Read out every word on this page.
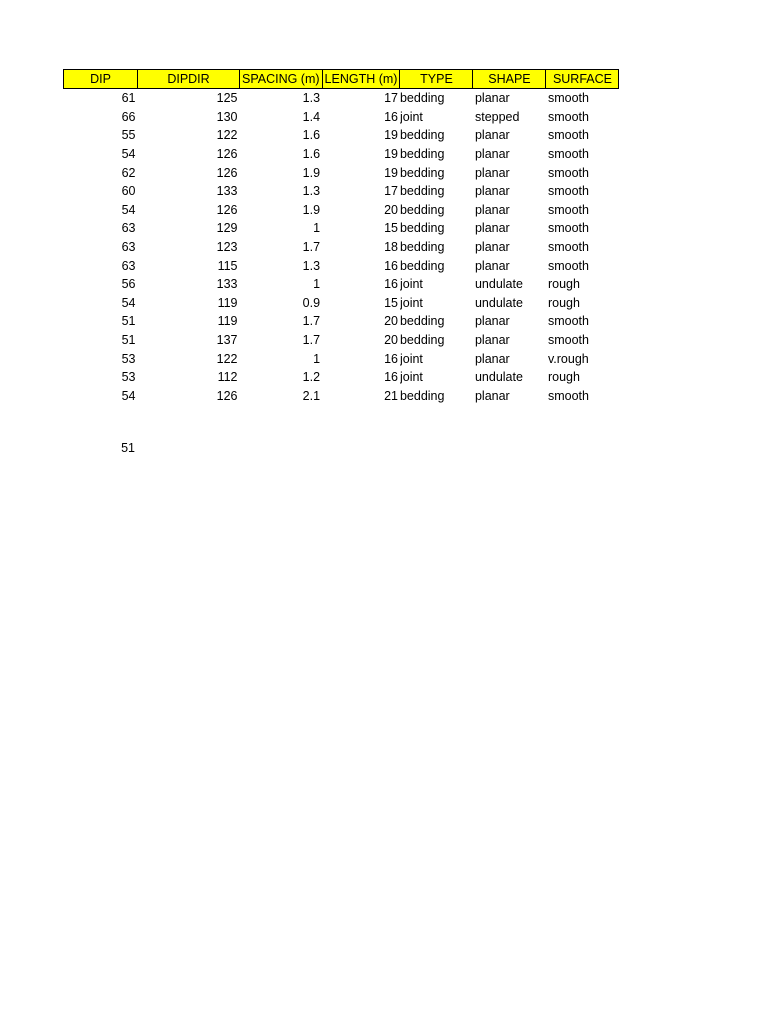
DIP	DIPDIR	SPACING (m)	LENGTH (m)	TYPE	SHAPE	SURFACE
61	125	1.3	17	bedding	planar	smooth
66	130	1.4	16	joint	stepped	smooth
55	122	1.6	19	bedding	planar	smooth
54	126	1.6	19	bedding	planar	smooth
62	126	1.9	19	bedding	planar	smooth
60	133	1.3	17	bedding	planar	smooth
54	126	1.9	20	bedding	planar	smooth
63	129	1	15	bedding	planar	smooth
63	123	1.7	18	bedding	planar	smooth
63	115	1.3	16	bedding	planar	smooth
56	133	1	16	joint	undulate	rough
54	119	0.9	15	joint	undulate	rough
51	119	1.7	20	bedding	planar	smooth
51	137	1.7	20	bedding	planar	smooth
53	122	1	16	joint	planar	v.rough
53	112	1.2	16	joint	undulate	rough
54	126	2.1	21	bedding	planar	smooth
51
